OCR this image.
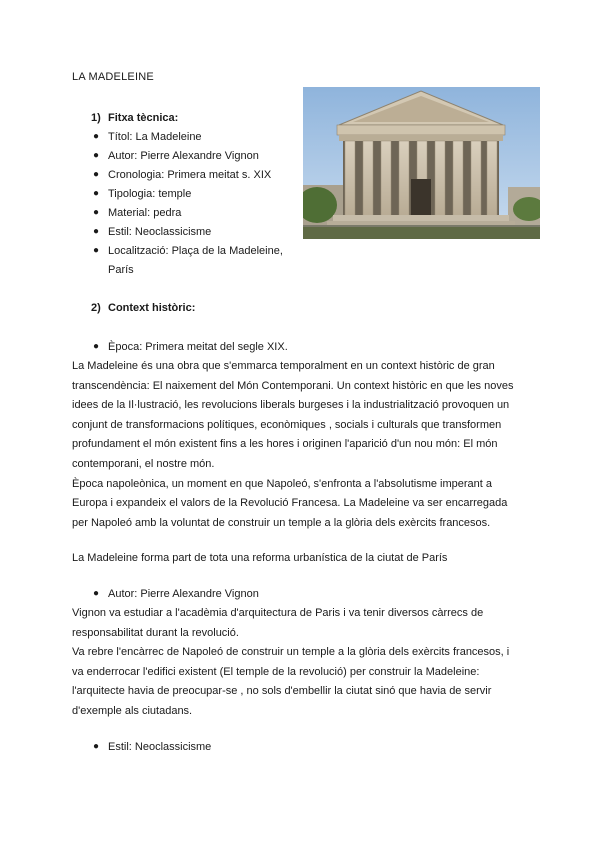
LA MADELEINE
1) Fitxa tècnica:
● Títol: La Madeleine
● Autor: Pierre Alexandre Vignon
● Cronologia: Primera meitat s. XIX
● Tipologia: temple
● Material: pedra
● Estil: Neoclassicisme
● Localització: Plaça de la Madeleine,
París
2) Context històric:
● Època: Primera meitat del segle XIX.

La Madeleine és una obra que s'emmarca temporalment en un context històric de gran

transcendència: El naixement del Món Contemporani. Un context històric en que les noves

idees de la Il·lustració, les revolucions liberals burgeses i la industrialització provoquen un

conjunt de transformacions polítiques, econòmiques , socials i culturals que transformen

profundament el món existent fins a les hores i originen l'aparició d'un nou món: El món

contemporani, el nostre món.

Època napoleònica, un moment en que Napoleó, s'enfronta a l'absolutisme imperant a

Europa i expandeix el valors de la Revolució Francesa. La Madeleine va ser encarregada

per Napoleó amb la voluntat de construir un temple a la glòria dels exèrcits francesos.

La Madeleine forma part de tota una reforma urbanística de la ciutat de París
● Autor: Pierre Alexandre Vignon

Vignon va estudiar a l'acadèmia d'arquitectura de Paris i va tenir diversos càrrecs de

responsabilitat durant la revolució.

Va rebre l'encàrrec de Napoleó de construir un temple a la glòria dels exèrcits francesos, i

va enderrocar l'edifici existent (El temple de la revolució) per construir la Madeleine:

l'arquitecte havia de preocupar-se , no sols d'embellir la ciutat sinó que havia de servir

d'exemple als ciutadans.

● Estil: Neoclassicisme
